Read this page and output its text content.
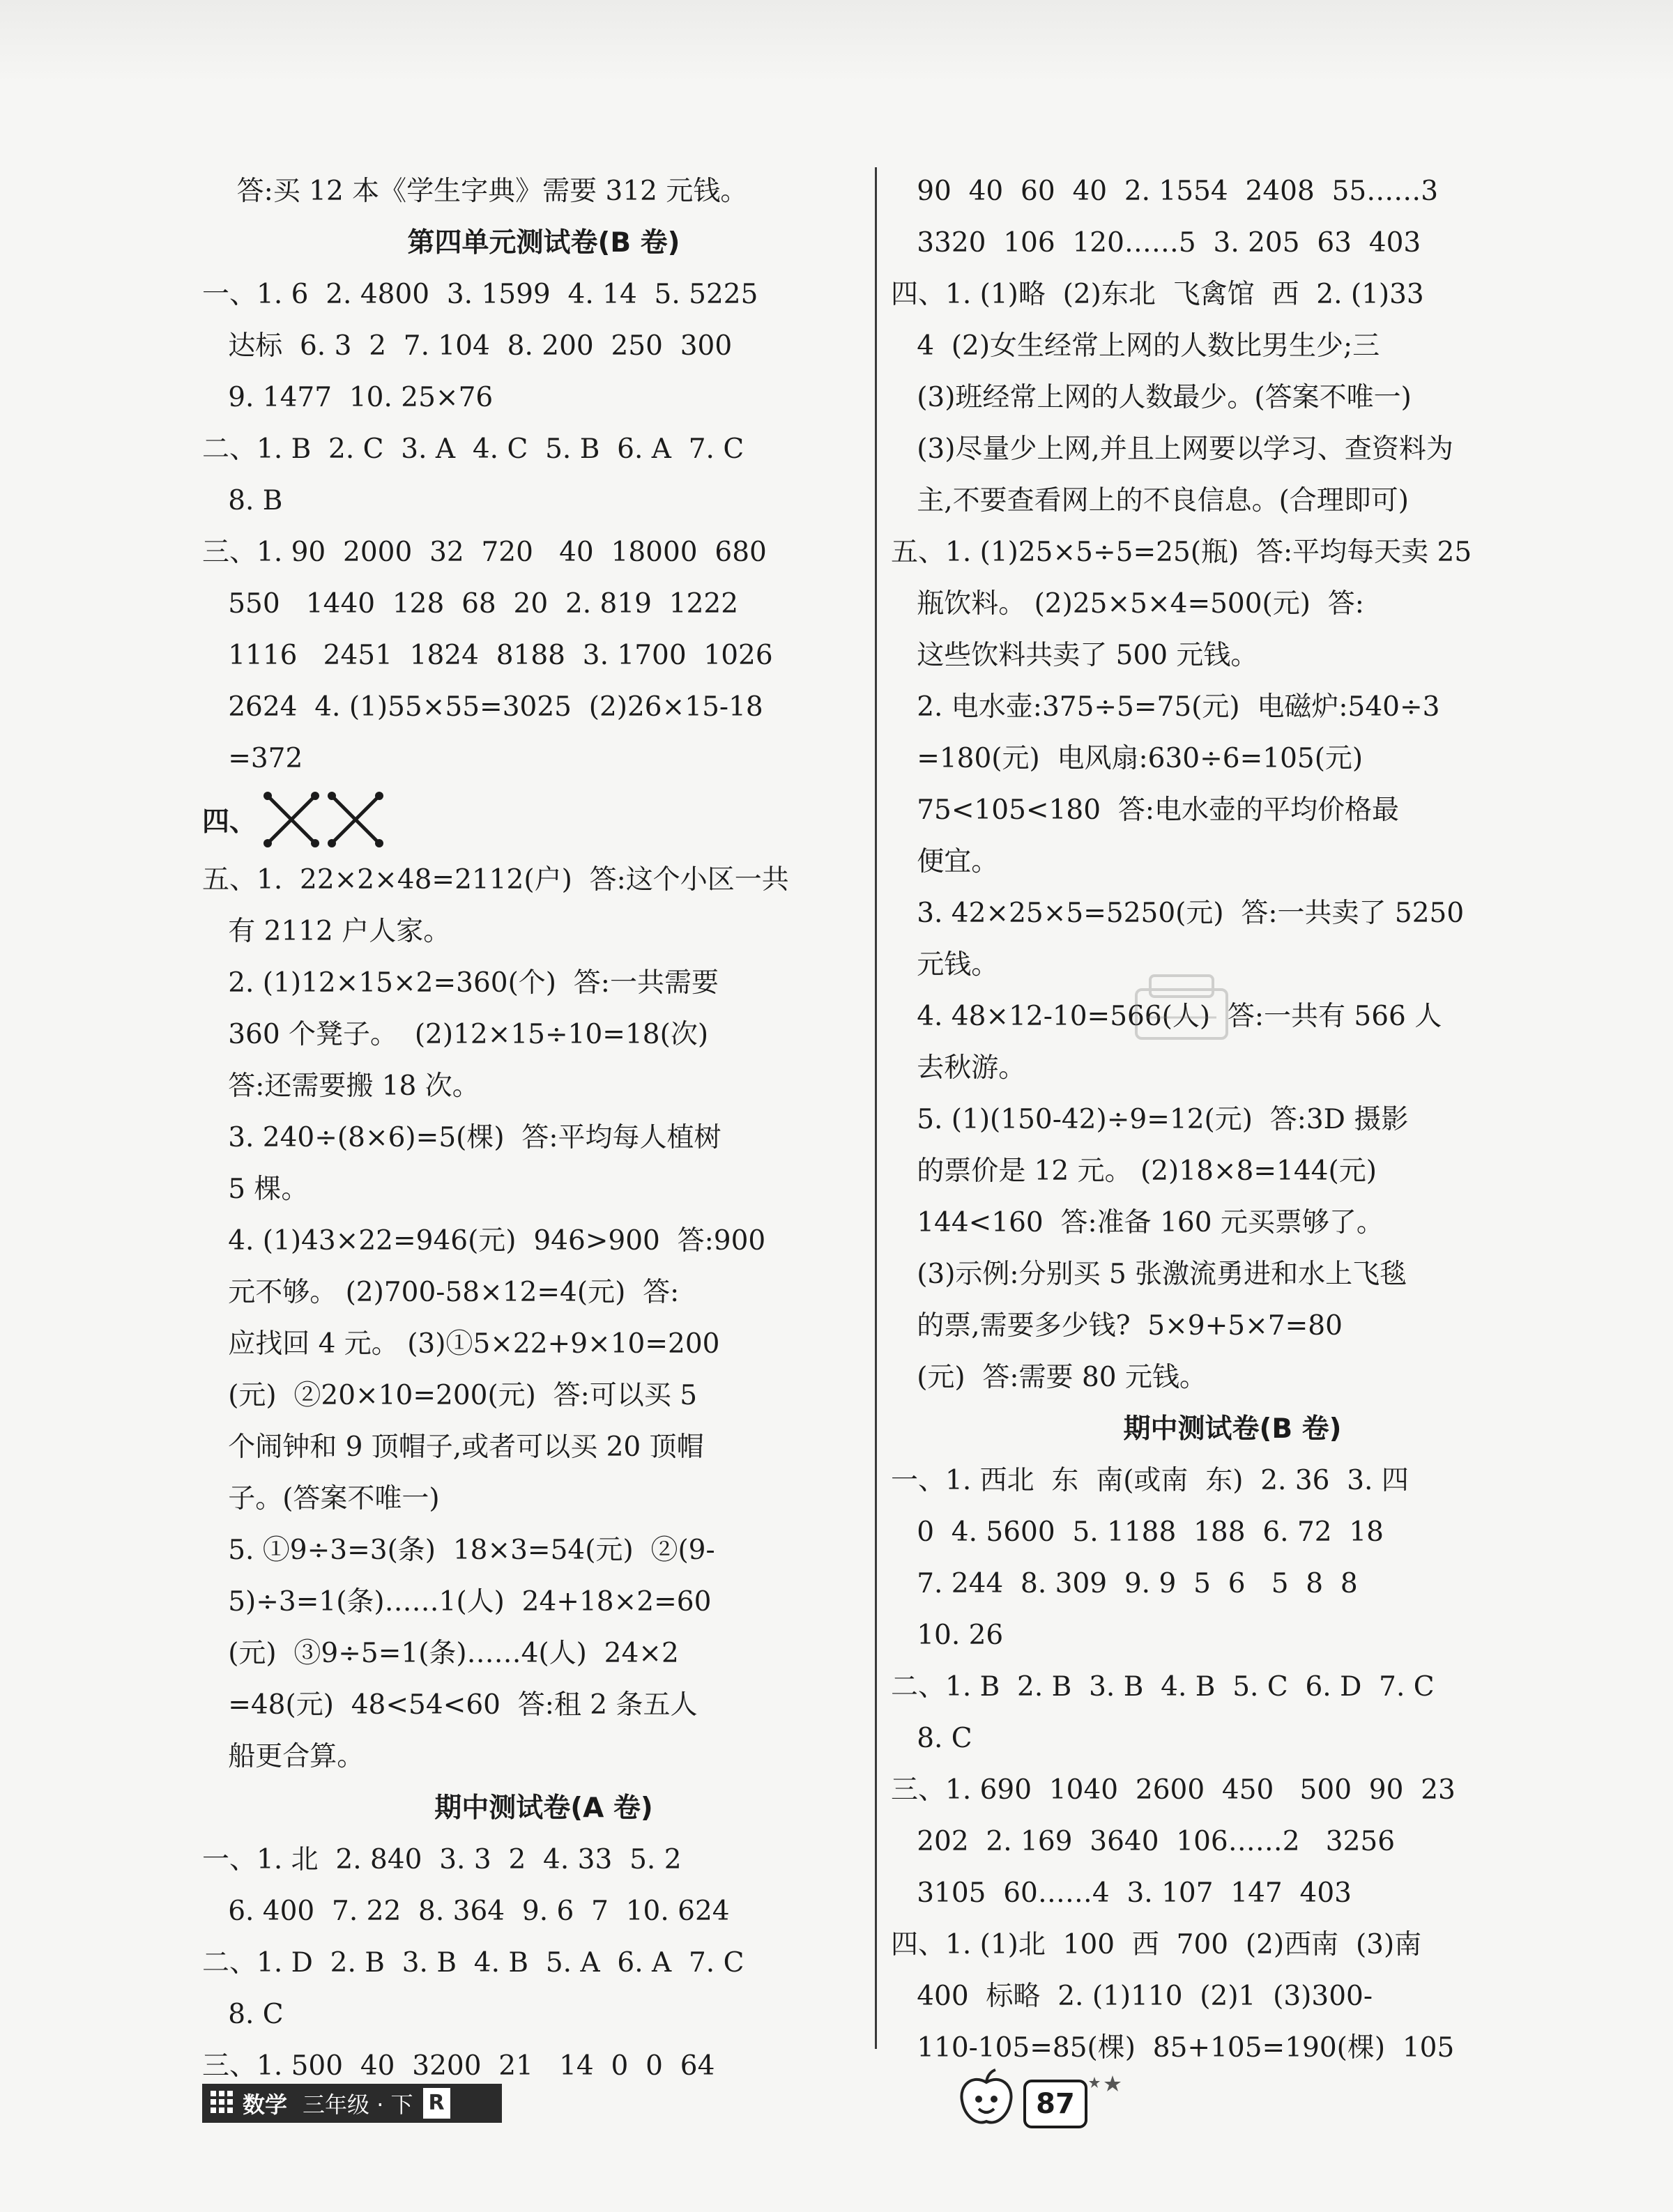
答:买 12 本《学生字典》需要 312 元钱。
第四单元测试卷(B 卷)
一、1. 6  2. 4800  3. 1599  4. 14  5. 5225
达标  6. 3  2  7. 104  8. 200  250  300
9. 1477  10. 25×76
二、1. B  2. C  3. A  4. C  5. B  6. A  7. C
8. B
三、1. 90  2000  32  720   40  18000  680
550   1440  128  68  20  2. 819  1222
1116   2451  1824  8188  3. 1700  1026
2624  4. (1)55×55=3025  (2)26×15-18
=372
四、
五、1.  22×2×48=2112(户)  答:这个小区一共
有 2112 户人家。
2. (1)12×15×2=360(个)  答:一共需要
360 个凳子。  (2)12×15÷10=18(次)
答:还需要搬 18 次。
3. 240÷(8×6)=5(棵)  答:平均每人植树
5 棵。
4. (1)43×22=946(元)  946>900  答:900
元不够。 (2)700-58×12=4(元)  答:
应找回 4 元。 (3)①5×22+9×10=200
(元)  ②20×10=200(元)  答:可以买 5
个闹钟和 9 顶帽子,或者可以买 20 顶帽
子。(答案不唯一)
5. ①9÷3=3(条)  18×3=54(元)  ②(9-
5)÷3=1(条)……1(人)  24+18×2=60
(元)  ③9÷5=1(条)……4(人)  24×2
=48(元)  48<54<60  答:租 2 条五人
船更合算。
期中测试卷(A 卷)
一、1. 北  2. 840  3. 3  2  4. 33  5. 2
6. 400  7. 22  8. 364  9. 6  7  10. 624
二、1. D  2. B  3. B  4. B  5. A  6. A  7. C
8. C
三、1. 500  40  3200  21   14  0  0  64
90  40  60  40  2. 1554  2408  55……3
3320  106  120……5  3. 205  63  403
四、1. (1)略  (2)东北  飞禽馆  西  2. (1)33
4  (2)女生经常上网的人数比男生少;三
(3)班经常上网的人数最少。(答案不唯一)
(3)尽量少上网,并且上网要以学习、查资料为
主,不要查看网上的不良信息。(合理即可)
五、1. (1)25×5÷5=25(瓶)  答:平均每天卖 25
瓶饮料。 (2)25×5×4=500(元)  答:
这些饮料共卖了 500 元钱。
2. 电水壶:375÷5=75(元)  电磁炉:540÷3
=180(元)  电风扇:630÷6=105(元)
75<105<180  答:电水壶的平均价格最
便宜。
3. 42×25×5=5250(元)  答:一共卖了 5250
元钱。
4. 48×12-10=566(人)  答:一共有 566 人
去秋游。
5. (1)(150-42)÷9=12(元)  答:3D 摄影
的票价是 12 元。 (2)18×8=144(元)
144<160  答:准备 160 元买票够了。
(3)示例:分别买 5 张激流勇进和水上飞毯
的票,需要多少钱?  5×9+5×7=80
(元)  答:需要 80 元钱。
期中测试卷(B 卷)
一、1. 西北  东  南(或南  东)  2. 36  3. 四
0  4. 5600  5. 1188  188  6. 72  18
7. 244  8. 309  9. 9  5  6   5  8  8
10. 26
二、1. B  2. B  3. B  4. B  5. C  6. D  7. C
8. C
三、1. 690  1040  2600  450   500  90  23
202  2. 169  3640  106……2   3256
3105  60……4  3. 107  147  403
四、1. (1)北  100  西  700  (2)西南  (3)南
400  标略  2. (1)110  (2)1  (3)300-
110-105=85(棵)  85+105=190(棵)  105
数学 三年级 · 下 R	87
